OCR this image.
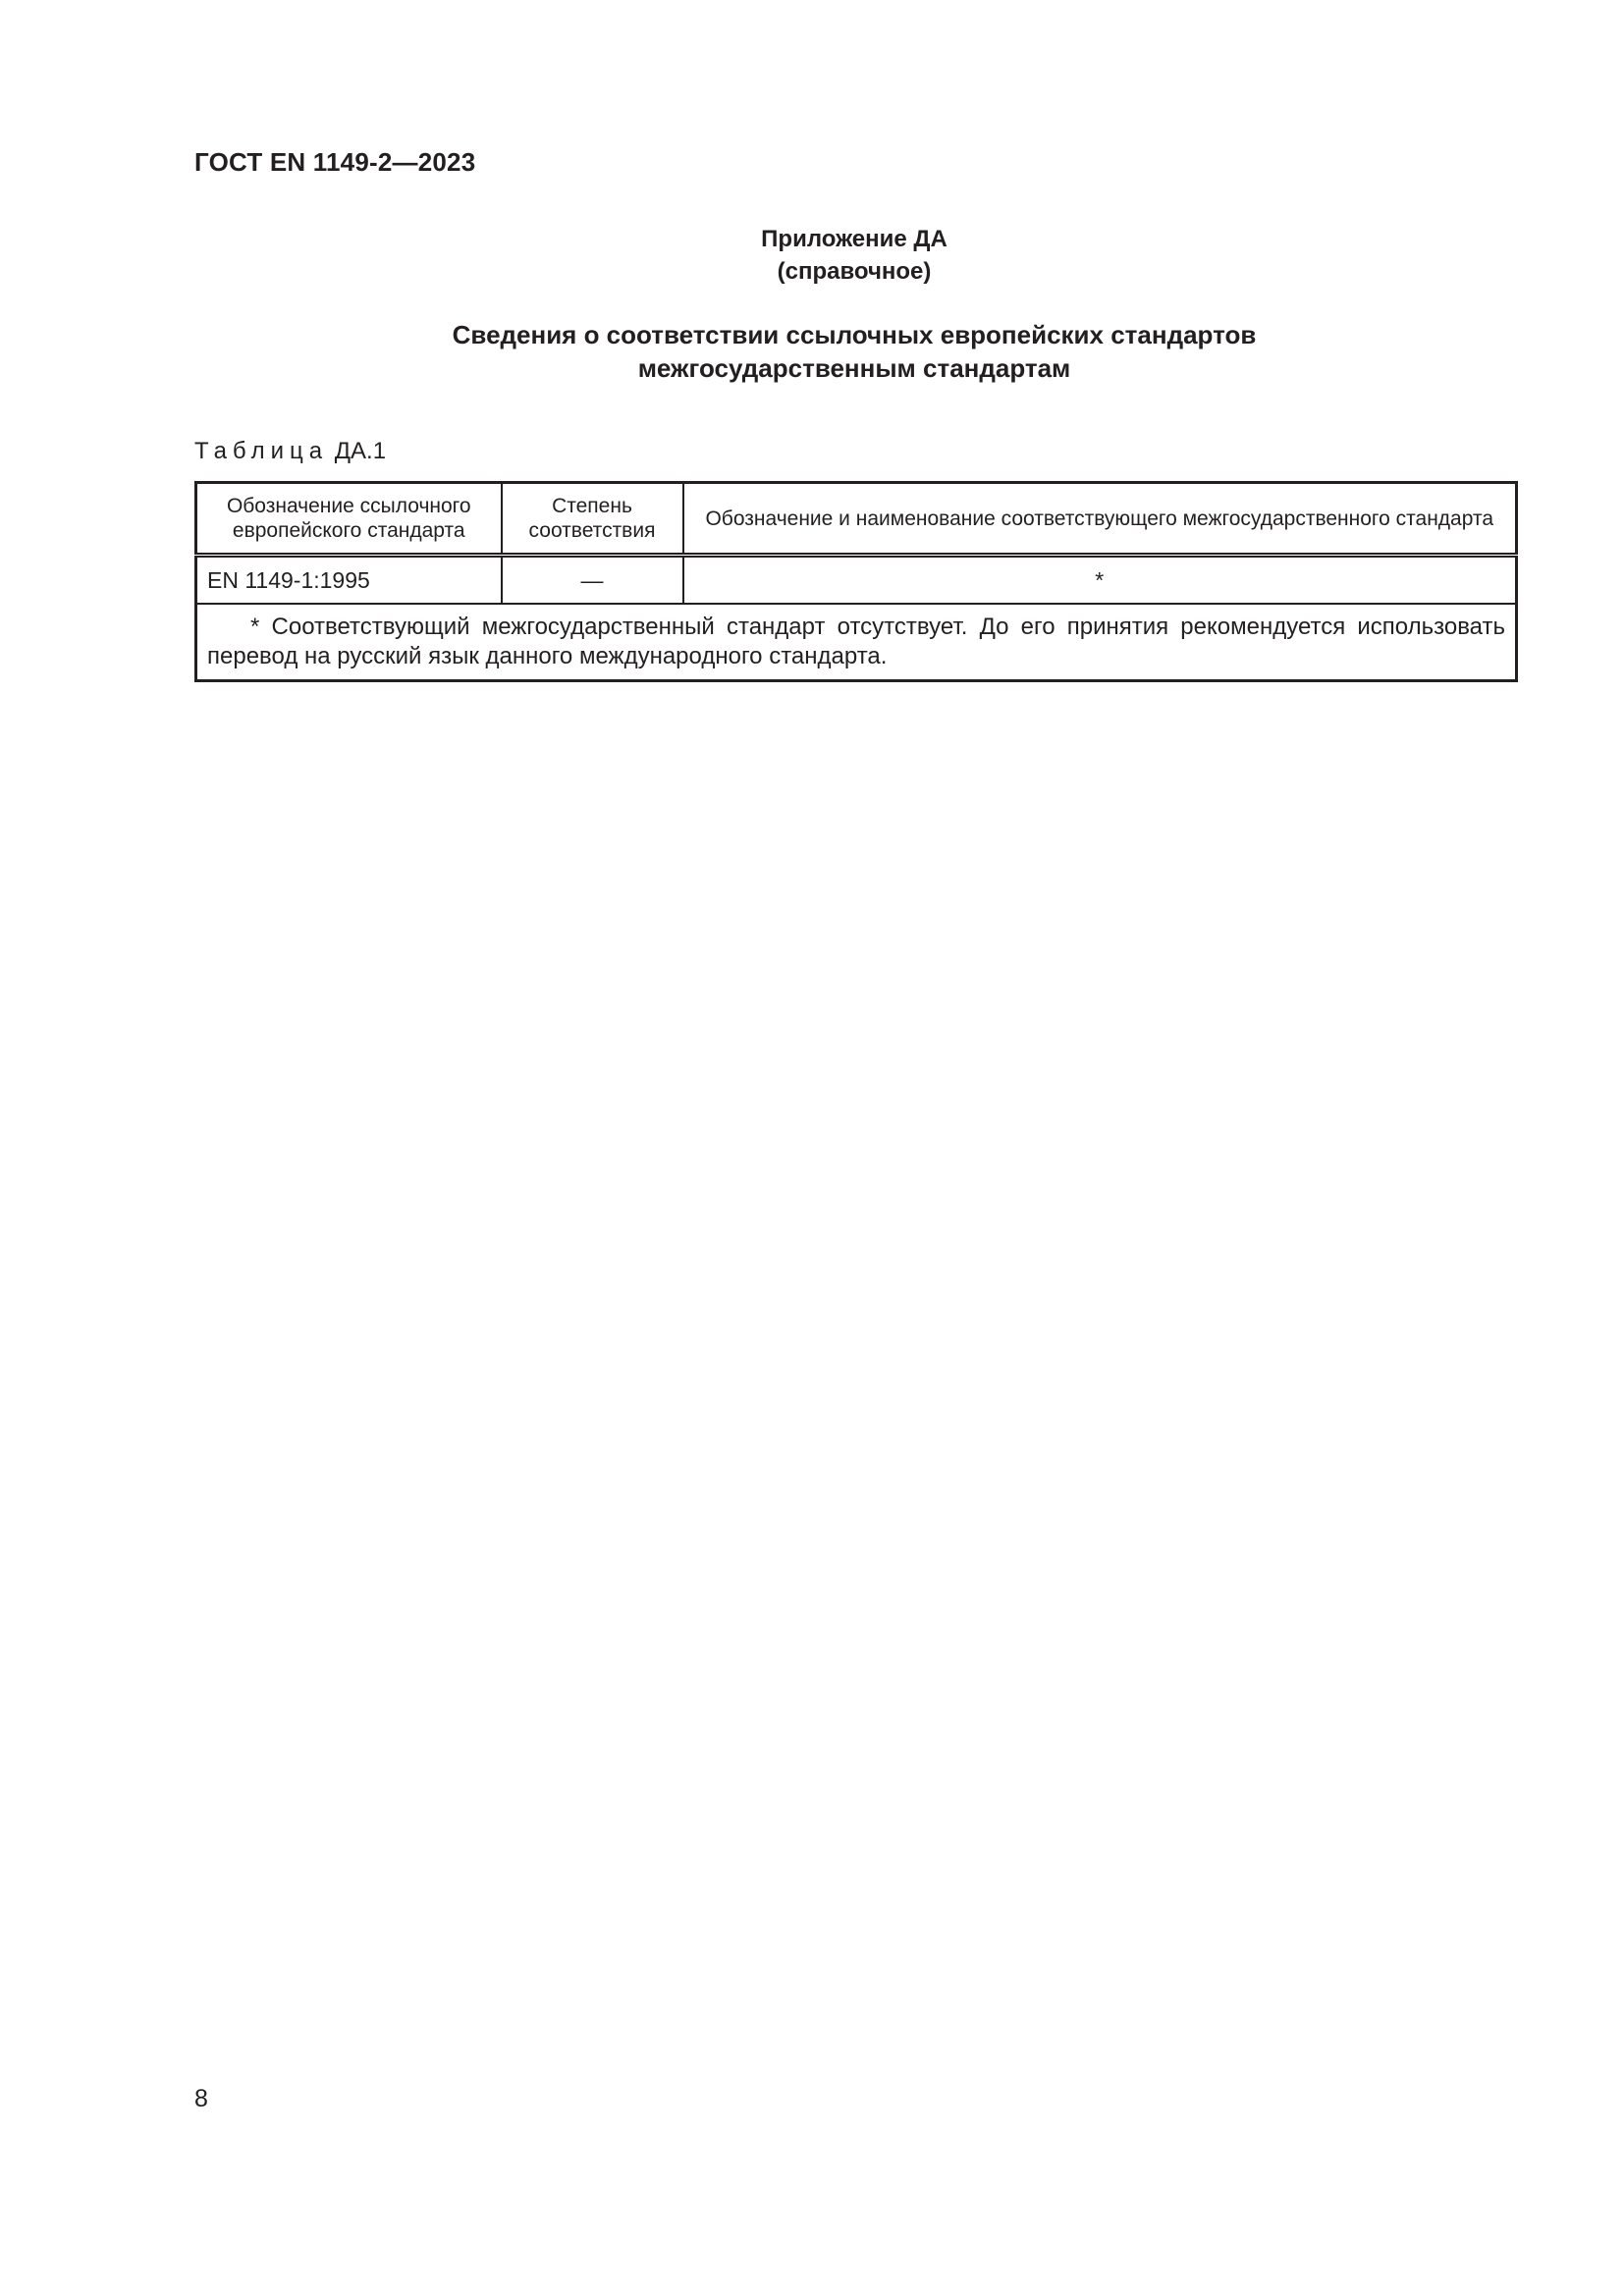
ГОСТ EN 1149-2—2023
Приложение ДА
(справочное)
Сведения о соответствии ссылочных европейских стандартов
межгосударственным стандартам
Таблица ДА.1
Обозначение ссылочного европейского стандарта	Степень соответствия	Обозначение и наименование соответствующего межгосударственного стандарта
EN 1149-1:1995	—	*
* Соответствующий межгосударственный стандарт отсутствует. До его принятия рекомендуется использовать перевод на русский язык данного международного стандарта.		
8
